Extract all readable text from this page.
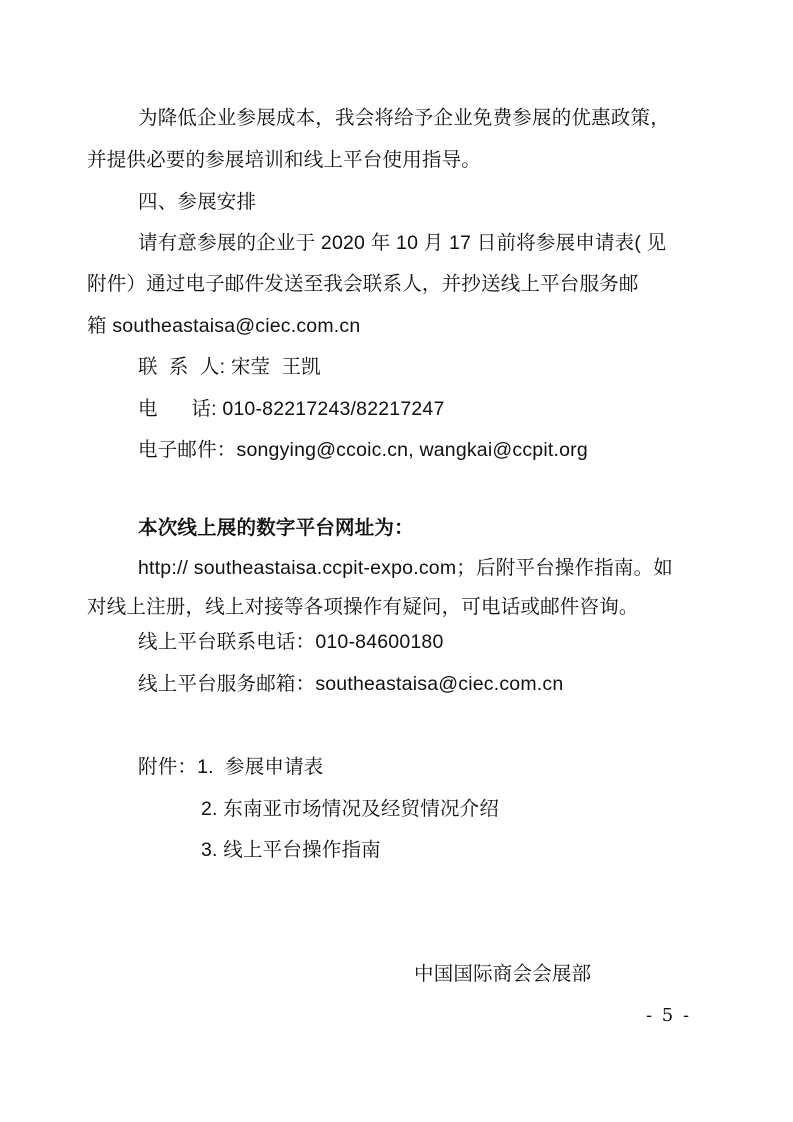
为降低企业参展成本，我会将给予企业免费参展的优惠政策，
并提供必要的参展培训和线上平台使用指导。
四、参展安排
请有意参展的企业于 2020 年 10 月 17 日前将参展申请表( 见
附件）通过电子邮件发送至我会联系人，并抄送线上平台服务邮
箱 southeastaisa@ciec.com.cn
联  系  人: 宋莹  王凯
电      话: 010-82217243/82217247
电子邮件：songying@ccoic.cn, wangkai@ccpit.org
本次线上展的数字平台网址为：
http:// southeastaisa.ccpit-expo.com；后附平台操作指南。如
对线上注册，线上对接等各项操作有疑问，可电话或邮件咨询。
线上平台联系电话：010-84600180
线上平台服务邮箱：southeastaisa@ciec.com.cn
附件：1.  参展申请表
2. 东南亚市场情况及经贸情况介绍
3. 线上平台操作指南
中国国际商会会展部
- 5 -
